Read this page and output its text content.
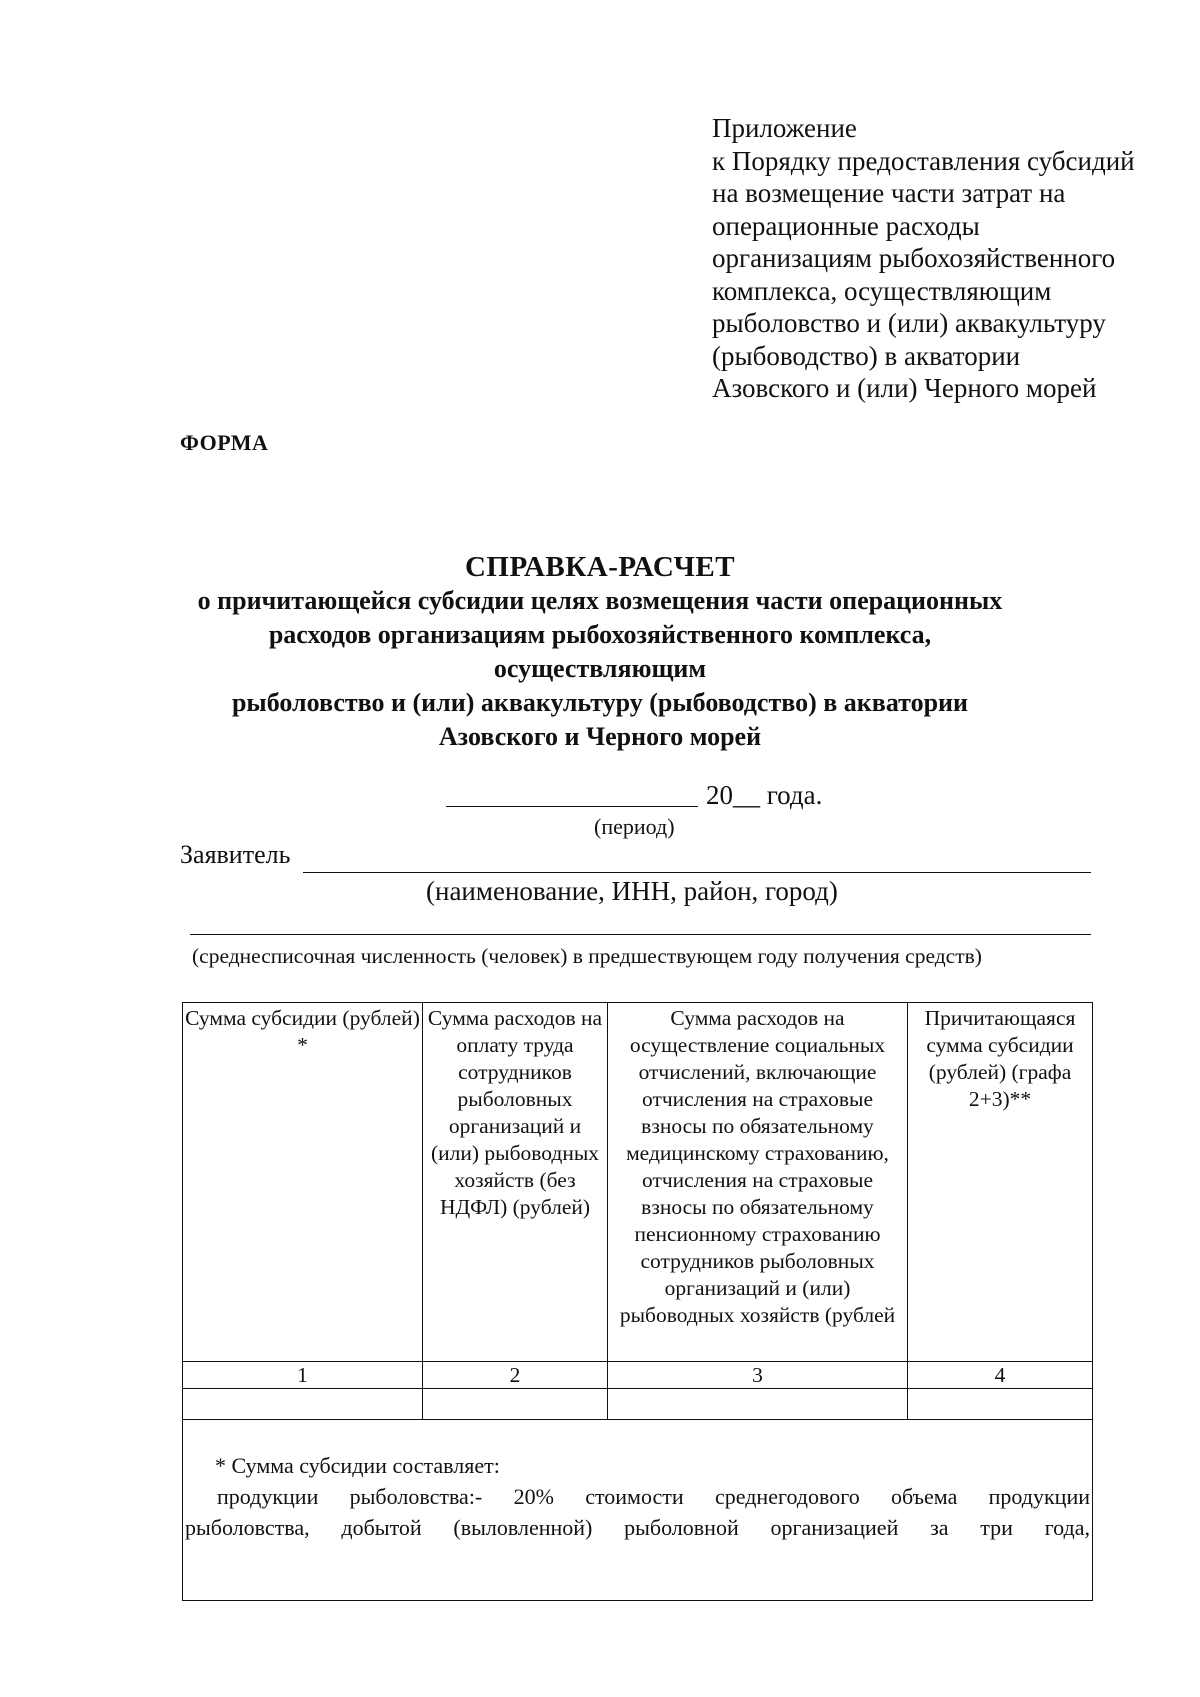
Приложение
к Порядку предоставления субсидий
на возмещение части затрат на
операционные расходы
организациям рыбохозяйственного
комплекса, осуществляющим
рыболовство и (или) аквакультуру
(рыбоводство) в акватории
Азовского и (или) Черного морей
ФОРМА
СПРАВКА-РАСЧЕТ
о причитающейся субсидии целях возмещения части операционных
расходов организациям рыбохозяйственного комплекса,
осуществляющим
рыболовство и (или) аквакультуру (рыбоводство) в акватории
Азовского и Черного морей
20__ года.
(период)
Заявитель
(наименование, ИНН, район, город)
(среднесписочная численность (человек) в предшествующем году получения средств)
Сумма субсидии (рублей) *	Сумма расходов на оплату труда сотрудников рыболовных организаций и (или) рыбоводных хозяйств (без НДФЛ) (рублей)	Сумма расходов на осуществление социальных отчислений, включающие отчисления на страховые взносы по обязательному медицинскому страхованию, отчисления на страховые взносы по обязательному пенсионному страхованию сотрудников рыболовных организаций и (или) рыбоводных хозяйств (рублей	Причитающаяся сумма субсидии (рублей) (графа 2+3)**
1	2	3	4

* Сумма субсидии составляет:
продукции рыболовства:- 20% стоимости среднегодового объема продукции
рыболовства, добытой (выловленной) рыболовной организацией за три года,			
